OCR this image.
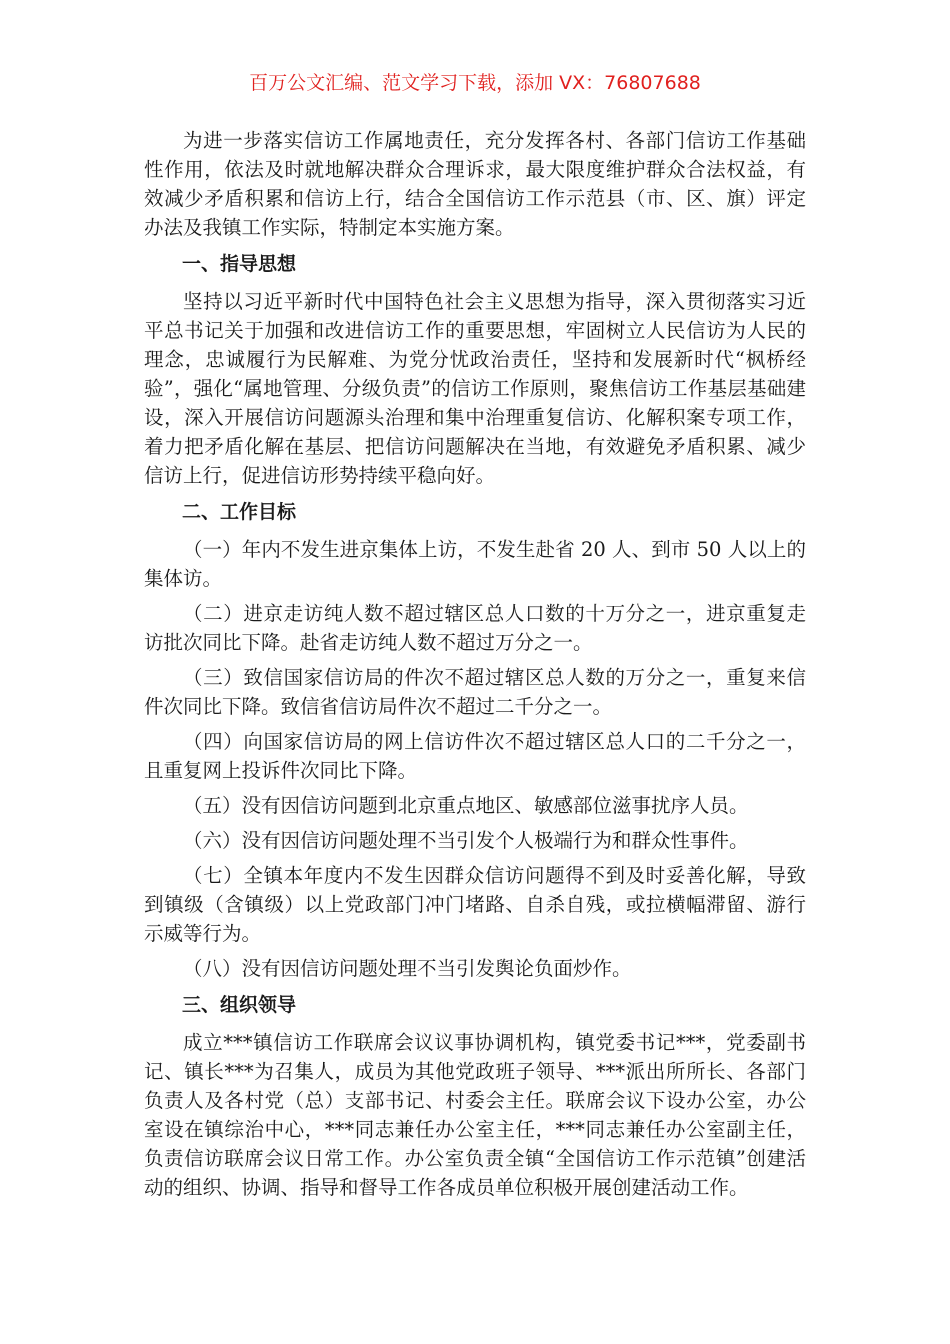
百万公文汇编、范文学习下载，添加 VX：76807688

为进一步落实信访工作属地责任，充分发挥各村、各部门信访工作基础性作用，依法及时就地解决群众合理诉求，最大限度维护群众合法权益，有效减少矛盾积累和信访上行，结合全国信访工作示范县（市、区、旗）评定办法及我镇工作实际，特制定本实施方案。

一、指导思想

坚持以习近平新时代中国特色社会主义思想为指导，深入贯彻落实习近平总书记关于加强和改进信访工作的重要思想，牢固树立人民信访为人民的理念，忠诚履行为民解难、为党分忧政治责任，坚持和发展新时代“枫桥经验”，强化“属地管理、分级负责”的信访工作原则，聚焦信访工作基层基础建设，深入开展信访问题源头治理和集中治理重复信访、化解积案专项工作，着力把矛盾化解在基层、把信访问题解决在当地，有效避免矛盾积累、减少信访上行，促进信访形势持续平稳向好。

二、工作目标

（一）年内不发生进京集体上访，不发生赴省 20 人、到市 50 人以上的集体访。

（二）进京走访纯人数不超过辖区总人口数的十万分之一，进京重复走访批次同比下降。赴省走访纯人数不超过万分之一。

（三）致信国家信访局的件次不超过辖区总人数的万分之一，重复来信件次同比下降。致信省信访局件次不超过二千分之一。

（四）向国家信访局的网上信访件次不超过辖区总人口的二千分之一，且重复网上投诉件次同比下降。

（五）没有因信访问题到北京重点地区、敏感部位滋事扰序人员。

（六）没有因信访问题处理不当引发个人极端行为和群众性事件。

（七）全镇本年度内不发生因群众信访问题得不到及时妥善化解，导致到镇级（含镇级）以上党政部门冲门堵路、自杀自残，或拉横幅滞留、游行示威等行为。

（八）没有因信访问题处理不当引发舆论负面炒作。

三、组织领导

成立***镇信访工作联席会议议事协调机构，镇党委书记***，党委副书记、镇长***为召集人，成员为其他党政班子领导、***派出所所长、各部门负责人及各村党（总）支部书记、村委会主任。联席会议下设办公室，办公室设在镇综治中心，***同志兼任办公室主任，***同志兼任办公室副主任，负责信访联席会议日常工作。办公室负责全镇“全国信访工作示范镇”创建活动的组织、协调、指导和督导工作各成员单位积极开展创建活动工作。
